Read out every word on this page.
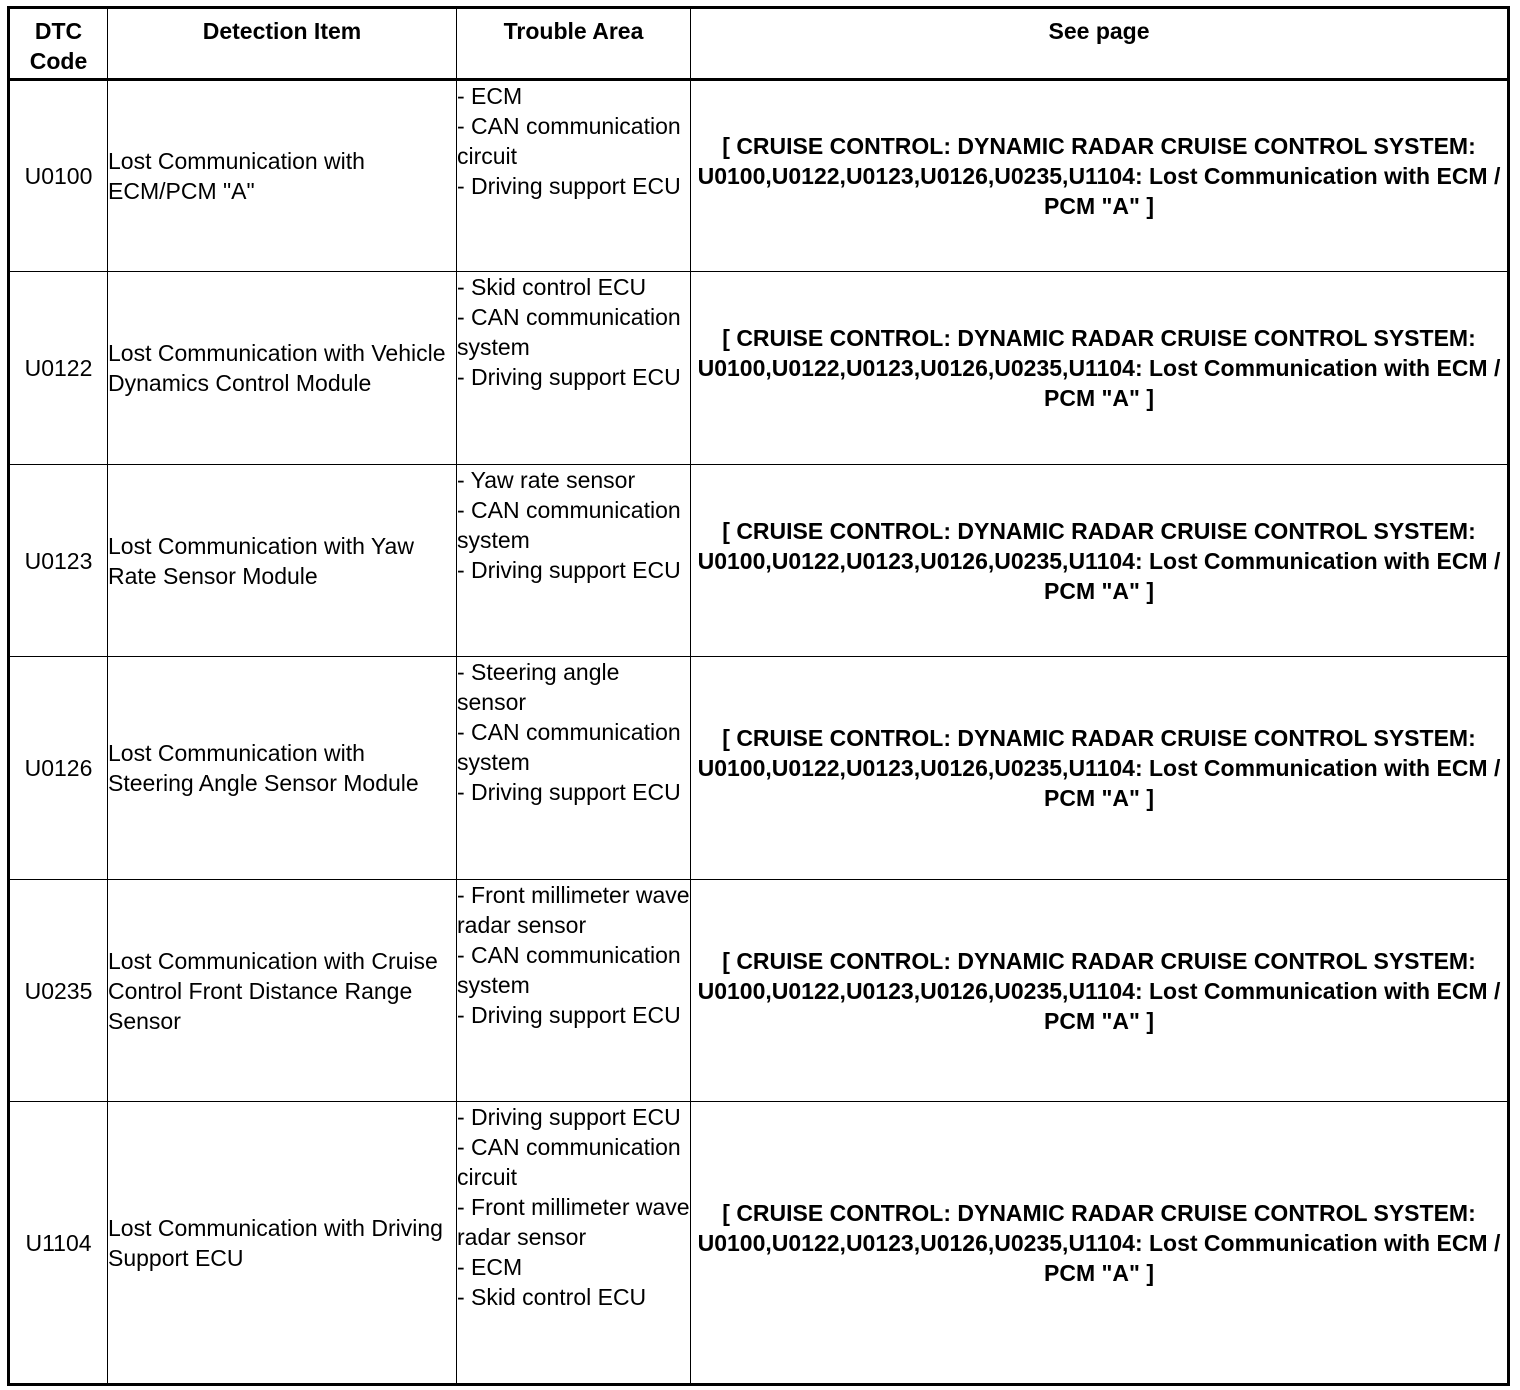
DTC Code	Detection Item	Trouble Area	See page
U0100	Lost Communication with ECM/PCM "A"	- ECM
- CAN communication circuit
- Driving support ECU	[ CRUISE CONTROL: DYNAMIC RADAR CRUISE CONTROL SYSTEM: U0100,U0122,U0123,U0126,U0235,U1104: Lost Communication with ECM / PCM "A" ]
U0122	Lost Communication with Vehicle Dynamics Control Module	- Skid control ECU
- CAN communication system
- Driving support ECU	[ CRUISE CONTROL: DYNAMIC RADAR CRUISE CONTROL SYSTEM: U0100,U0122,U0123,U0126,U0235,U1104: Lost Communication with ECM / PCM "A" ]
U0123	Lost Communication with Yaw Rate Sensor Module	- Yaw rate sensor
- CAN communication system
- Driving support ECU	[ CRUISE CONTROL: DYNAMIC RADAR CRUISE CONTROL SYSTEM: U0100,U0122,U0123,U0126,U0235,U1104: Lost Communication with ECM / PCM "A" ]
U0126	Lost Communication with Steering Angle Sensor Module	- Steering angle sensor
- CAN communication system
- Driving support ECU	[ CRUISE CONTROL: DYNAMIC RADAR CRUISE CONTROL SYSTEM: U0100,U0122,U0123,U0126,U0235,U1104: Lost Communication with ECM / PCM "A" ]
U0235	Lost Communication with Cruise Control Front Distance Range Sensor	- Front millimeter wave radar sensor
- CAN communication system
- Driving support ECU	[ CRUISE CONTROL: DYNAMIC RADAR CRUISE CONTROL SYSTEM: U0100,U0122,U0123,U0126,U0235,U1104: Lost Communication with ECM / PCM "A" ]
U1104	Lost Communication with Driving Support ECU	- Driving support ECU
- CAN communication circuit
- Front millimeter wave radar sensor
- ECM
- Skid control ECU	[ CRUISE CONTROL: DYNAMIC RADAR CRUISE CONTROL SYSTEM: U0100,U0122,U0123,U0126,U0235,U1104: Lost Communication with ECM / PCM "A" ]
